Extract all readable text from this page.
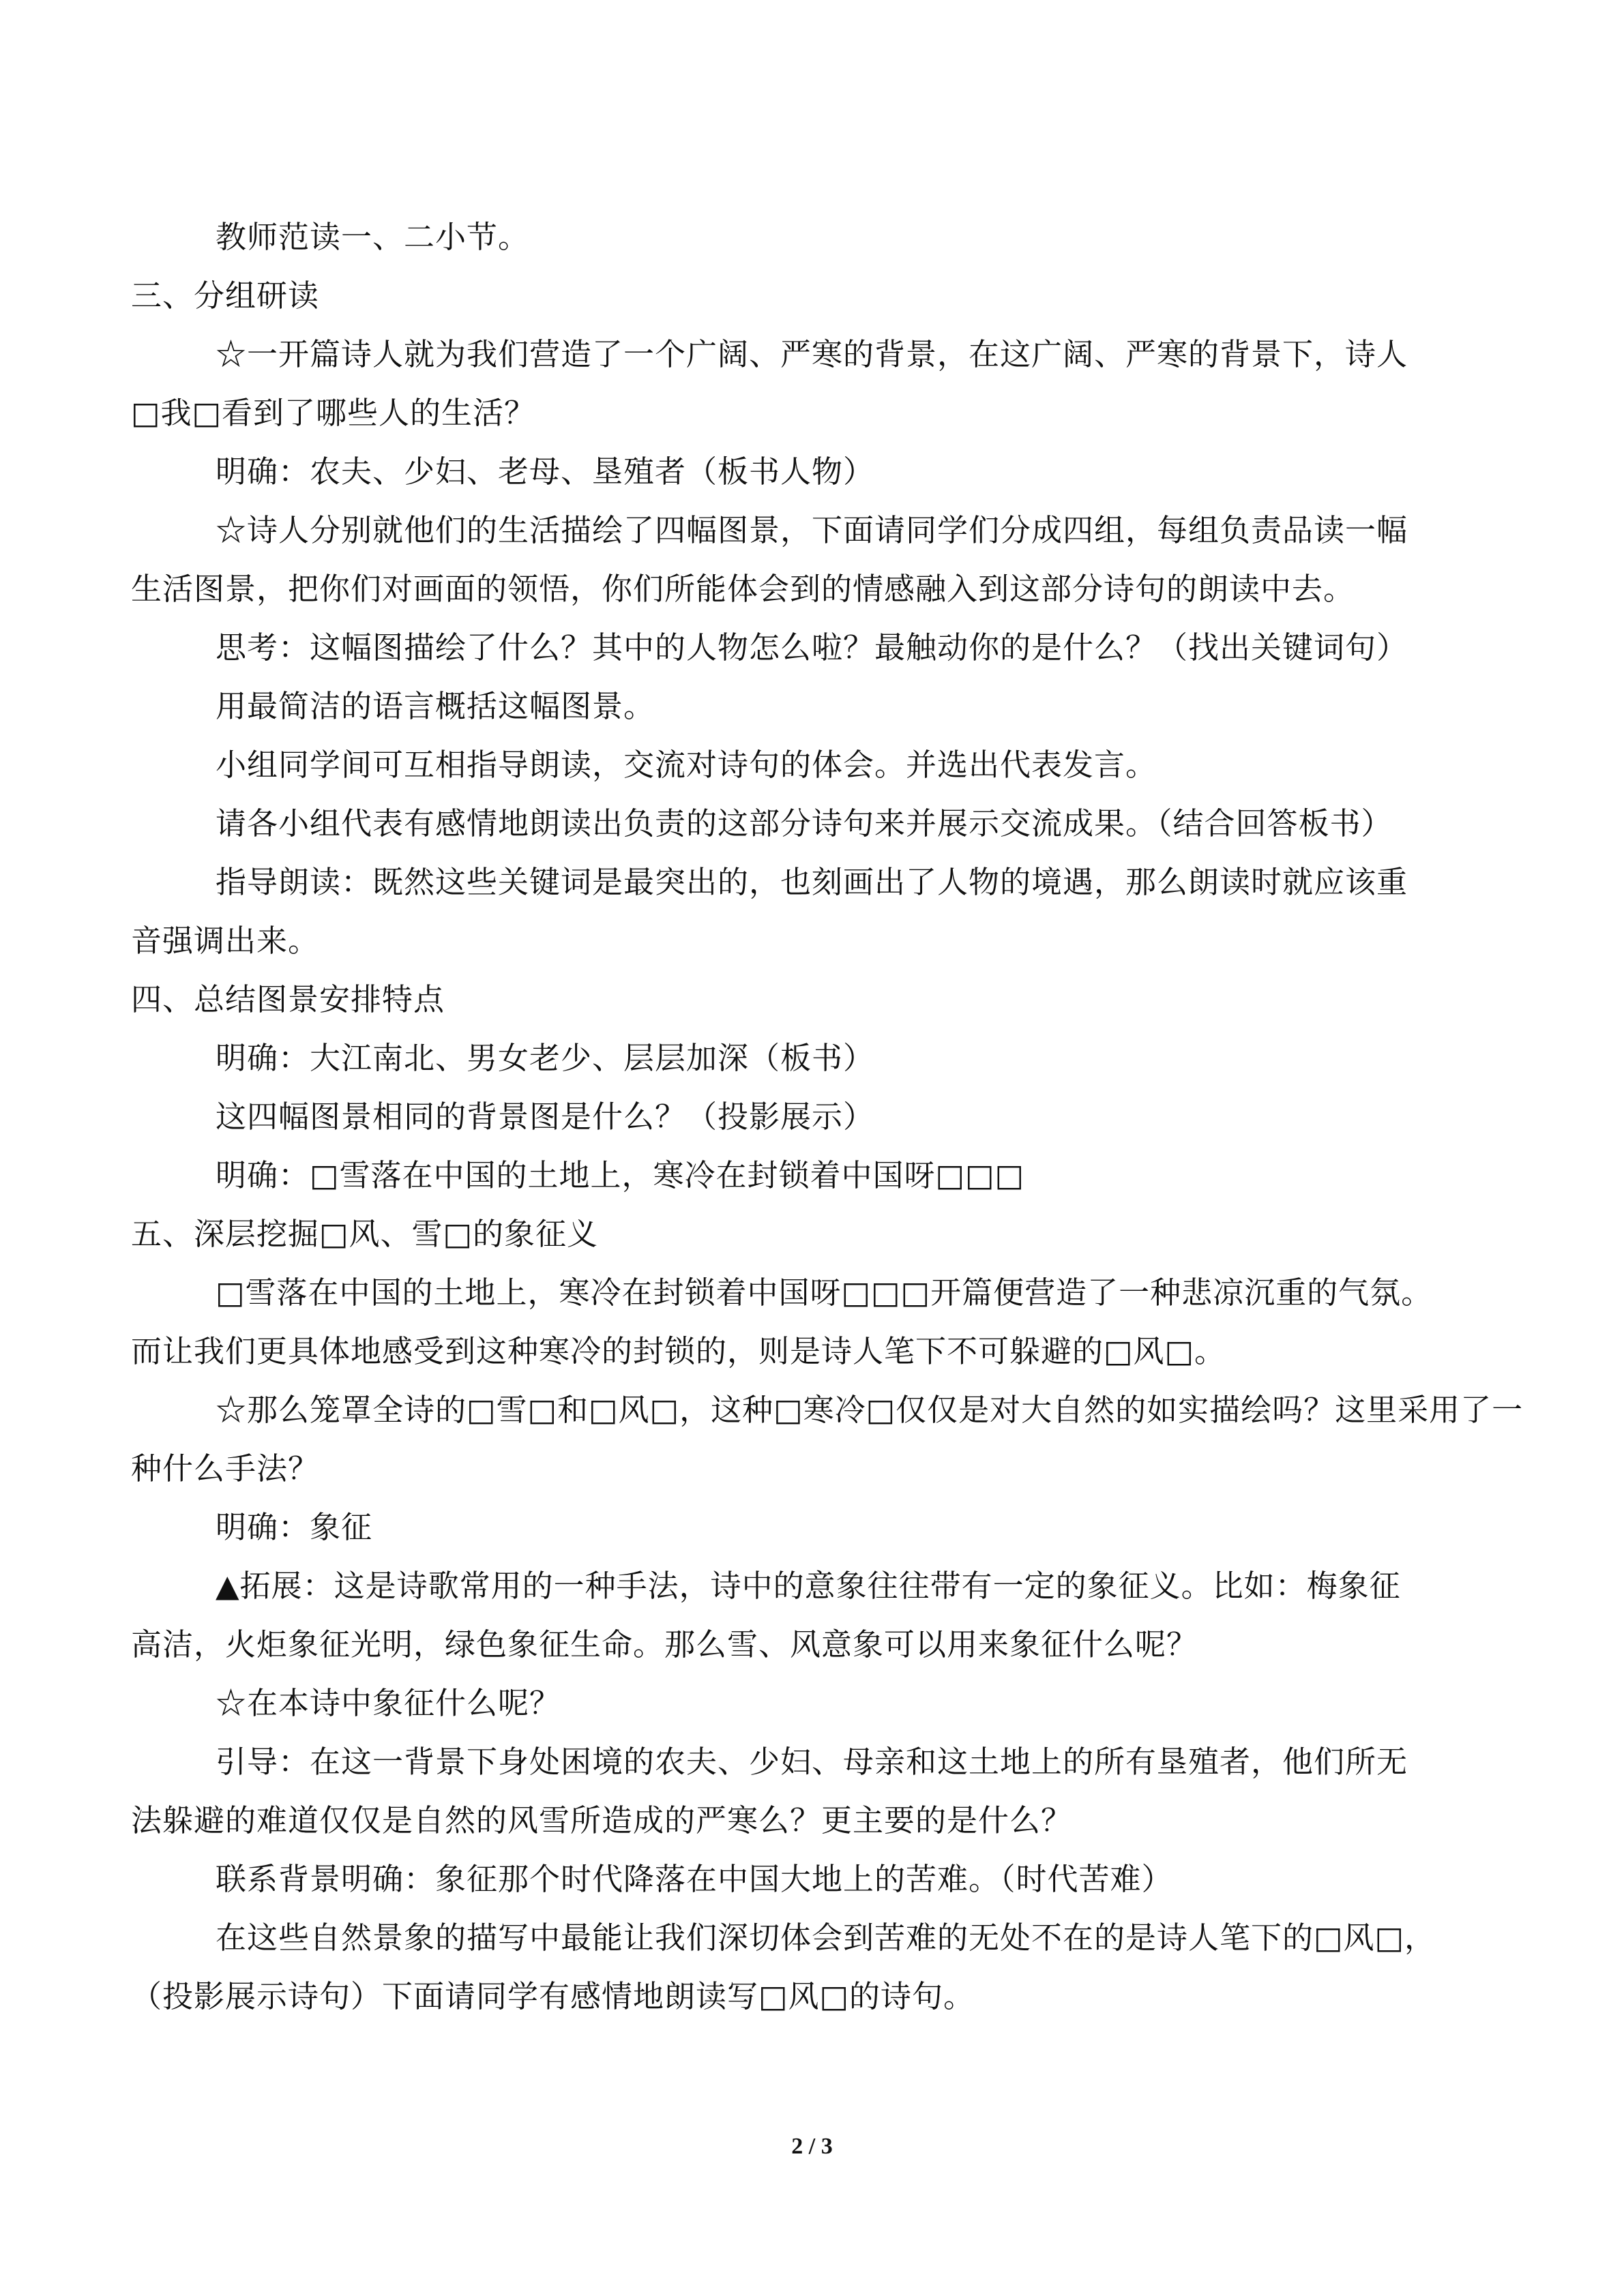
教师范读一、二小节。
三、分组研读
☆一开篇诗人就为我们营造了一个广阔、严寒的背景，在这广阔、严寒的背景下，诗人
□我□看到了哪些人的生活？
明确：农夫、少妇、老母、垦殖者（板书人物）
☆诗人分别就他们的生活描绘了四幅图景，下面请同学们分成四组，每组负责品读一幅
生活图景，把你们对画面的领悟，你们所能体会到的情感融入到这部分诗句的朗读中去。
思考：这幅图描绘了什么？其中的人物怎么啦？最触动你的是什么？（找出关键词句）
用最简洁的语言概括这幅图景。
小组同学间可互相指导朗读，交流对诗句的体会。并选出代表发言。
请各小组代表有感情地朗读出负责的这部分诗句来并展示交流成果。（结合回答板书）
指导朗读：既然这些关键词是最突出的，也刻画出了人物的境遇，那么朗读时就应该重
音强调出来。
四、总结图景安排特点
明确：大江南北、男女老少、层层加深（板书）
这四幅图景相同的背景图是什么？（投影展示）
明确：□雪落在中国的土地上，寒冷在封锁着中国呀□□□
五、深层挖掘□风、雪□的象征义
□雪落在中国的土地上，寒冷在封锁着中国呀□□□开篇便营造了一种悲凉沉重的气氛。
而让我们更具体地感受到这种寒冷的封锁的，则是诗人笔下不可躲避的□风□。
☆那么笼罩全诗的□雪□和□风□，这种□寒冷□仅仅是对大自然的如实描绘吗？这里采用了一
种什么手法？
明确：象征
▲拓展：这是诗歌常用的一种手法，诗中的意象往往带有一定的象征义。比如：梅象征
高洁，火炬象征光明，绿色象征生命。那么雪、风意象可以用来象征什么呢？
☆在本诗中象征什么呢？
引导：在这一背景下身处困境的农夫、少妇、母亲和这土地上的所有垦殖者，他们所无
法躲避的难道仅仅是自然的风雪所造成的严寒么？更主要的是什么？
联系背景明确：象征那个时代降落在中国大地上的苦难。（时代苦难）
在这些自然景象的描写中最能让我们深切体会到苦难的无处不在的是诗人笔下的□风□，
（投影展示诗句）下面请同学有感情地朗读写□风□的诗句。
2 / 3
